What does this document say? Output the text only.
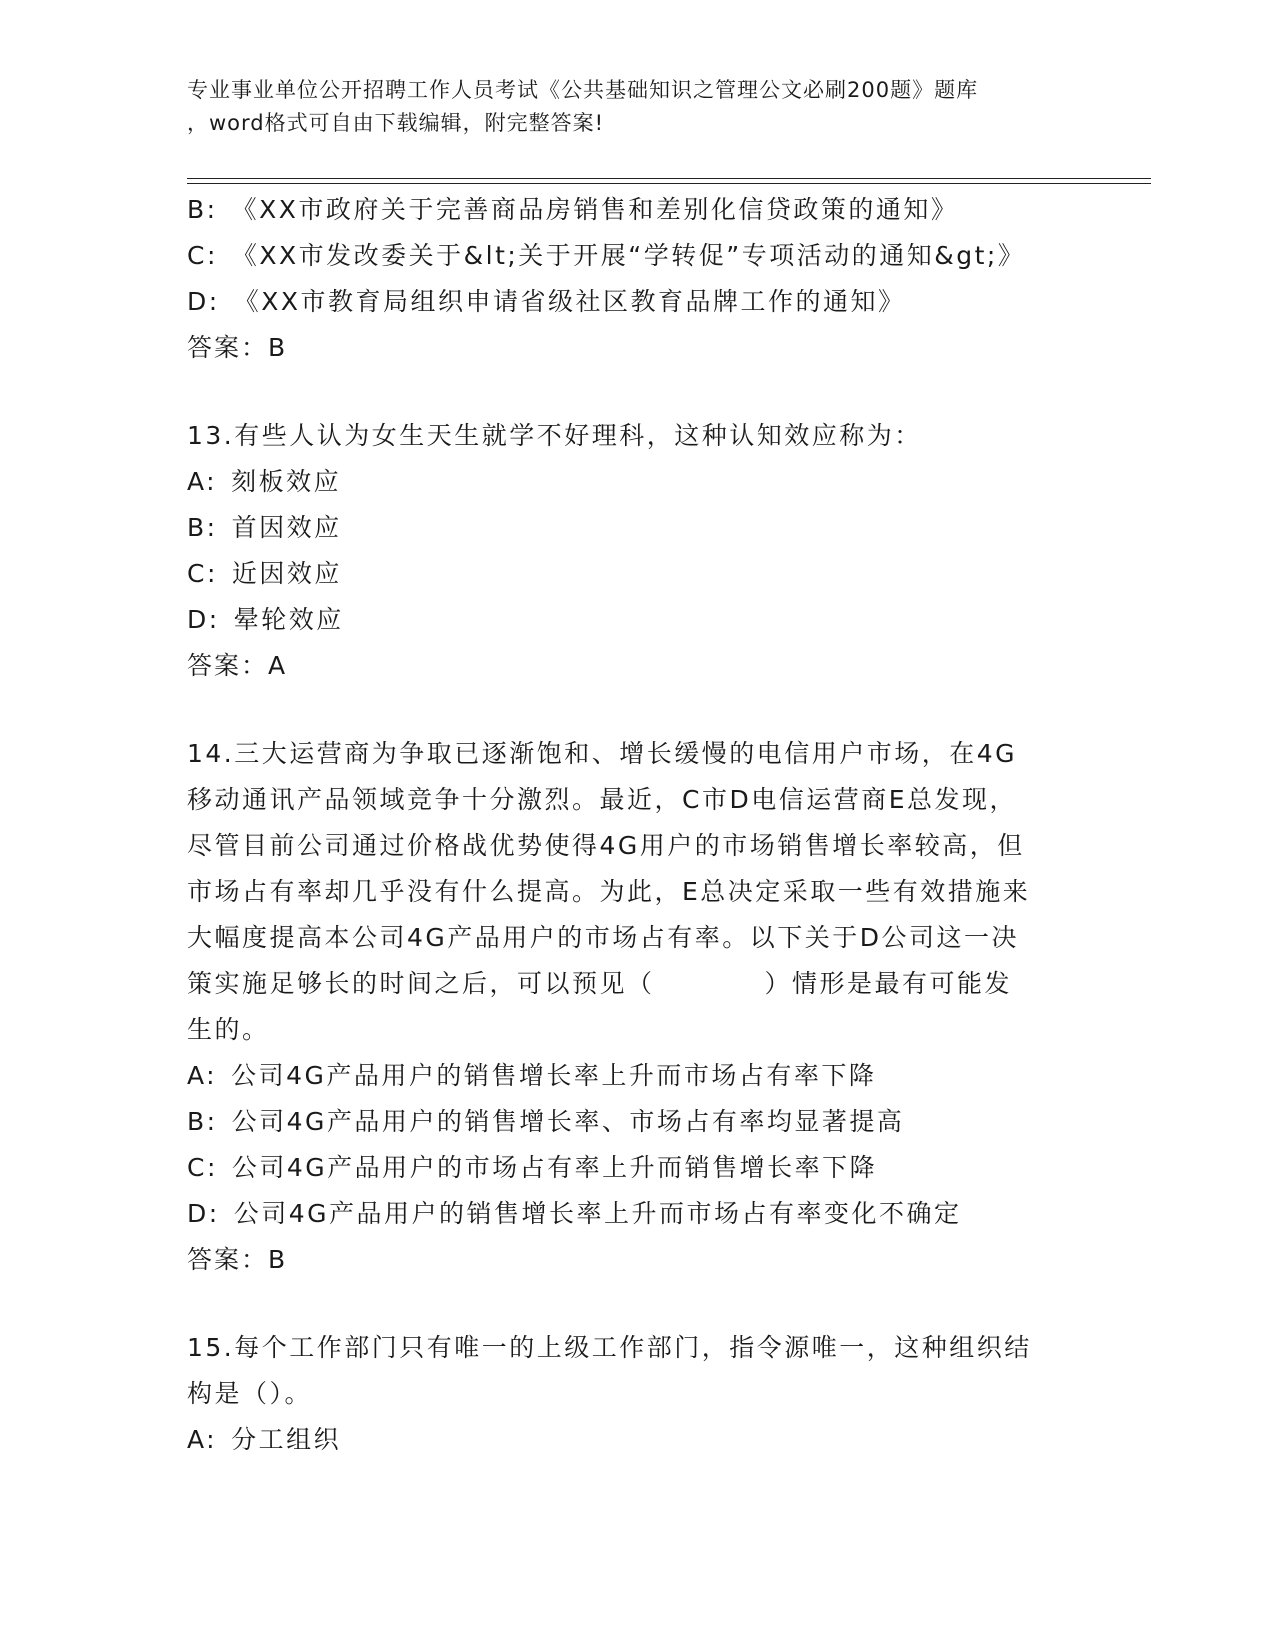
专业事业单位公开招聘工作人员考试《公共基础知识之管理公文必刷200题》题库
，word格式可自由下载编辑，附完整答案!
B: 《XX市政府关于完善商品房销售和差别化信贷政策的通知》
C: 《XX市发改委关于&lt;关于开展“学转促”专项活动的通知&gt;》
D: 《XX市教育局组织申请省级社区教育品牌工作的通知》
答案：B
13.有些人认为女生天生就学不好理科，这种认知效应称为：
A: 刻板效应
B: 首因效应
C: 近因效应
D: 晕轮效应
答案：A
14.三大运营商为争取已逐渐饱和、增长缓慢的电信用户市场，在4G
移动通讯产品领域竞争十分激烈。最近，C市D电信运营商E总发现，
尽管目前公司通过价格战优势使得4G用户的市场销售增长率较高，但
市场占有率却几乎没有什么提高。为此，E总决定采取一些有效措施来
大幅度提高本公司4G产品用户的市场占有率。以下关于D公司这一决
策实施足够长的时间之后，可以预见（　　　　）情形是最有可能发
生的。
A: 公司4G产品用户的销售增长率上升而市场占有率下降
B: 公司4G产品用户的销售增长率、市场占有率均显著提高
C: 公司4G产品用户的市场占有率上升而销售增长率下降
D: 公司4G产品用户的销售增长率上升而市场占有率变化不确定
答案：B
15.每个工作部门只有唯一的上级工作部门，指令源唯一，这种组织结
构是（）。
A: 分工组织
